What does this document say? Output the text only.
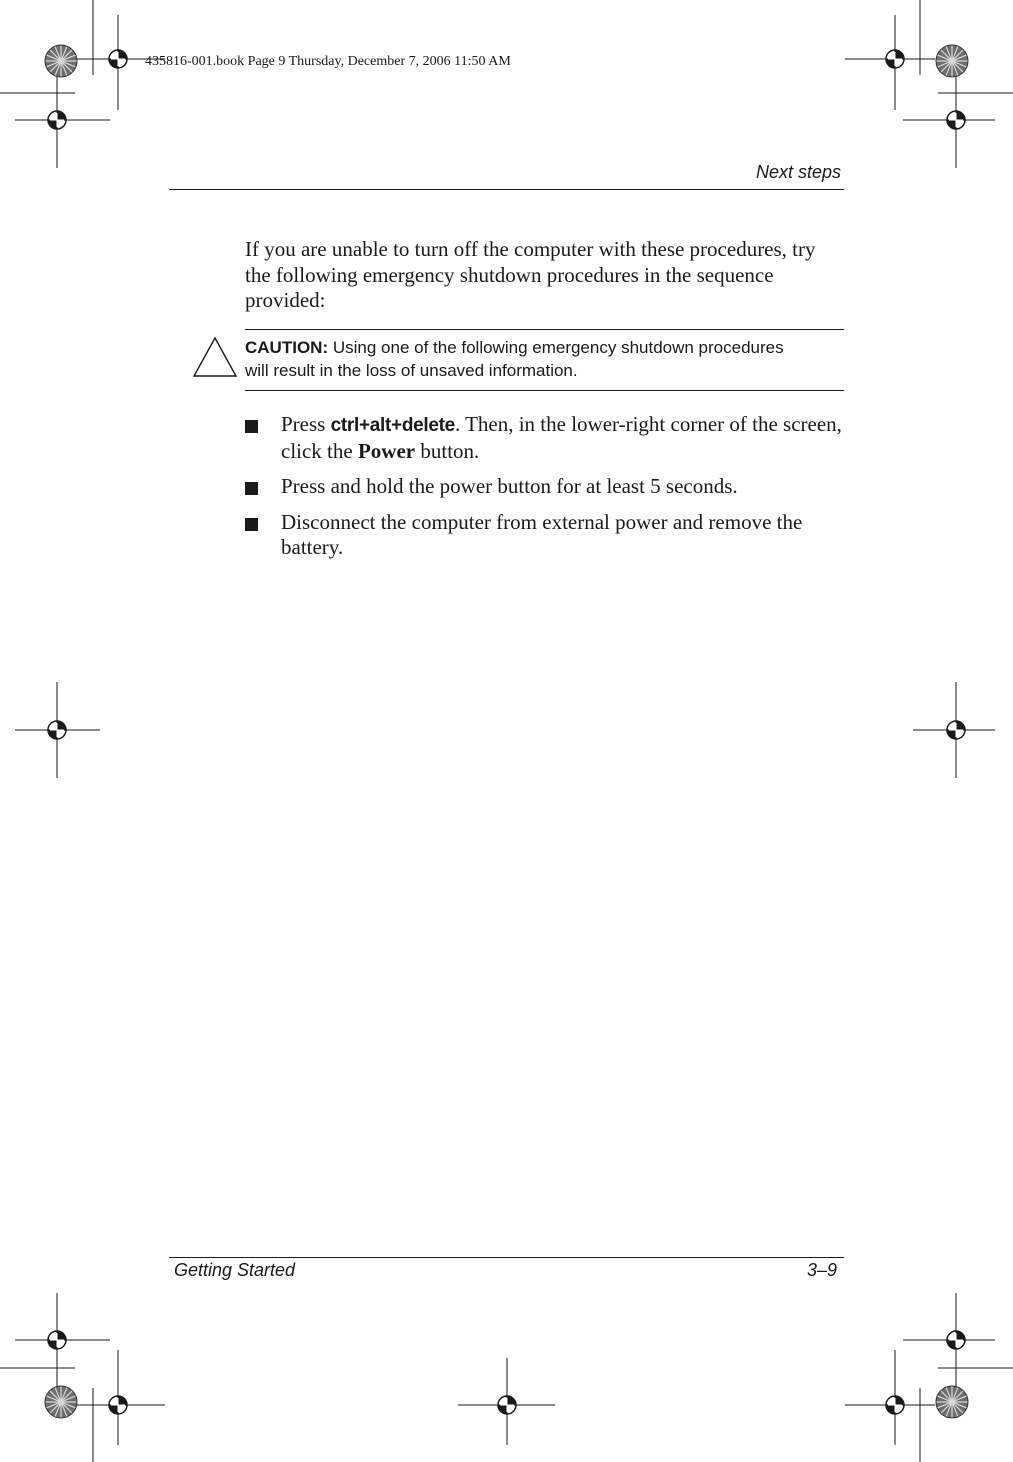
435816-001.book Page 9 Thursday, December 7, 2006 11:50 AM
Next steps

If you are unable to turn off the computer with these procedures, try the following emergency shutdown procedures in the sequence provided:

CAUTION: Using one of the following emergency shutdown procedures will result in the loss of unsaved information.

Press ctrl+alt+delete. Then, in the lower-right corner of the screen, click the Power button.
Press and hold the power button for at least 5 seconds.
Disconnect the computer from external power and remove the battery.
Getting Started	3–9
